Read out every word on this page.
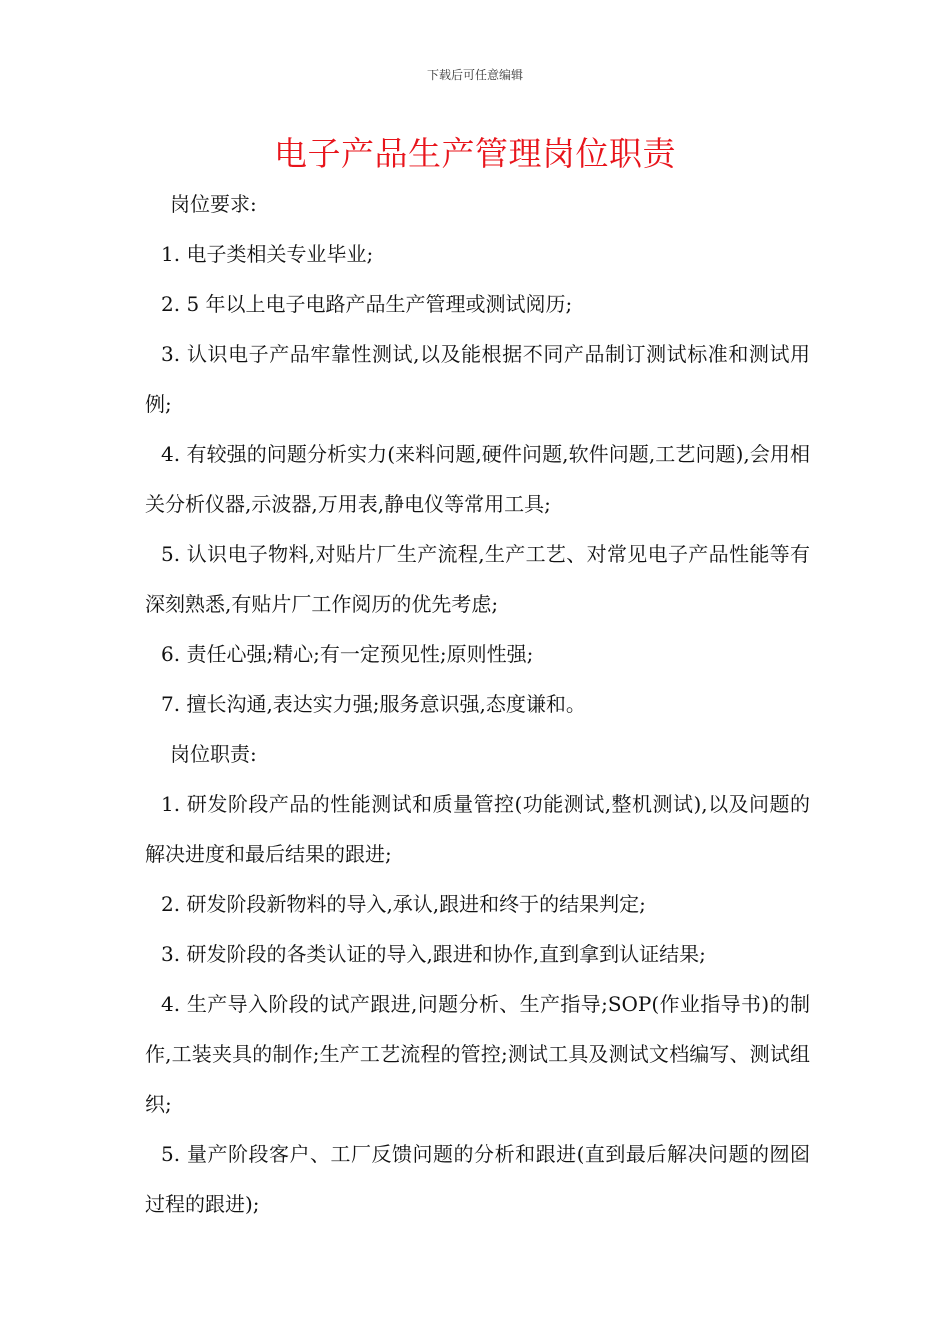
下载后可任意编辑
电子产品生产管理岗位职责

岗位要求:

1. 电子类相关专业毕业;

2. 5 年以上电子电路产品生产管理或测试阅历;

3. 认识电子产品牢靠性测试,以及能根据不同产品制订测试标准和测试用例;

4. 有较强的问题分析实力(来料问题,硬件问题,软件问题,工艺问题),会用相关分析仪器,示波器,万用表,静电仪等常用工具;

5. 认识电子物料,对贴片厂生产流程,生产工艺、对常见电子产品性能等有深刻熟悉,有贴片厂工作阅历的优先考虑;

6. 责任心强;精心;有一定预见性;原则性强;

7. 擅长沟通,表达实力强;服务意识强,态度谦和。

岗位职责:

1. 研发阶段产品的性能测试和质量管控(功能测试,整机测试),以及问题的解决进度和最后结果的跟进;

2. 研发阶段新物料的导入,承认,跟进和终于的结果判定;

3. 研发阶段的各类认证的导入,跟进和协作,直到拿到认证结果;

4. 生产导入阶段的试产跟进,问题分析、生产指导;SOP(作业指导书)的制作,工装夹具的制作;生产工艺流程的管控;测试工具及测试文档编写、测试组织;

5. 量产阶段客户、工厂反馈问题的分析和跟进(直到最后解决问题的囫囵过程的跟进);
